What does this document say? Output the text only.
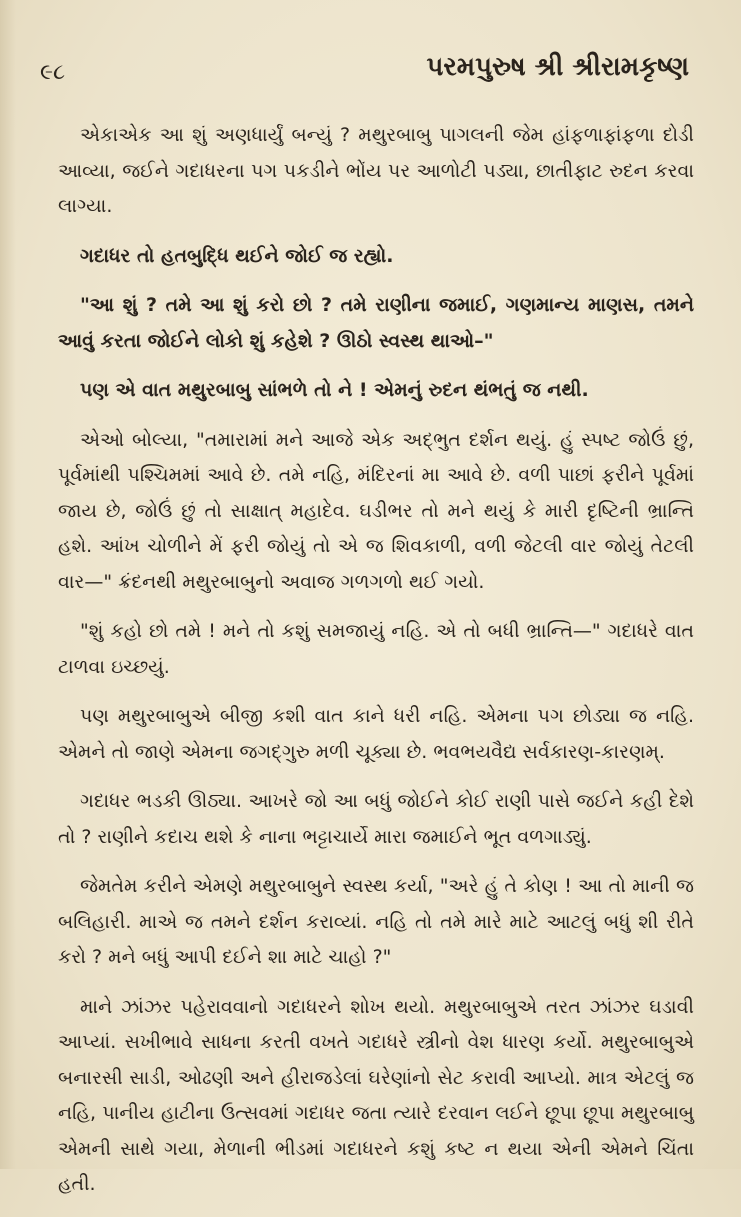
૯૮	પરમપુરુષ શ્રી શ્રીરામકૃષ્ણ

એકાએક આ શું અણધાર્યું બન્યું ? મથુરબાબુ પાગલની જેમ હાંફળાફાંફળા દોડી આવ્યા, જઈને ગદાધરના પગ પકડીને ભોંય પર આળોટી પડ્યા, છાતીફાટ રુદન કરવા લાગ્યા.

ગદાધર તો હતબુદ્ધિ થઈને જોઈ જ રહ્યો.

"આ શું ? તમે આ શું કરો છો ? તમે રાણીના જમાઈ, ગણમાન્ય માણસ, તમને આવું કરતા જોઈને લોકો શું કહેશે ? ઊઠો સ્વસ્થ થાઓ–"

પણ એ વાત મથુરબાબુ સાંભળે તો ને ! એમનું રુદન થંભતું જ નથી.

એઓ બોલ્યા, "તમારામાં મને આજે એક અદ્ભુત દર્શન થયું. હું સ્પષ્ટ જોઉં છું, પૂર્વમાંથી પશ્ચિમમાં આવે છે. તમે નહિ, મંદિરનાં મા આવે છે. વળી પાછાં ફરીને પૂર્વમાં જાય છે, જોઉં છું તો સાક્ષાત્ મહાદેવ. ઘડીભર તો મને થયું કે મારી દૃષ્ટિની ભ્રાન્તિ હશે. આંખ ચોળીને મેં ફરી જોયું તો એ જ શિવકાળી, વળી જેટલી વાર જોયું તેટલી વાર—" ક્રંદનથી મથુરબાબુનો અવાજ ગળગળો થઈ ગયો.

"શું કહો છો તમે ! મને તો કશું સમજાયું નહિ. એ તો બધી ભ્રાન્તિ—" ગદાધરે વાત ટાળવા ઇચ્છયું.

પણ મથુરબાબુએ બીજી કશી વાત કાને ધરી નહિ. એમના પગ છોડ્યા જ નહિ. એમને તો જાણે એમના જગદ્ગુરુ મળી ચૂક્યા છે. ભવભયવૈદ્ય સર્વકારણ-કારણમ્.

ગદાધર ભડકી ઊઠ્યા. આખરે જો આ બધું જોઈને કોઈ રાણી પાસે જઈને કહી દેશે તો ? રાણીને કદાચ થશે કે નાના ભટ્ટાચાર્યે મારા જમાઈને ભૂત વળગાડ્યું.

જેમતેમ કરીને એમણે મથુરબાબુને સ્વસ્થ કર્યા, "અરે હું તે કોણ ! આ તો માની જ બલિહારી. માએ જ તમને દર્શન કરાવ્યાં. નહિ તો તમે મારે માટે આટલું બધું શી રીતે કરો ? મને બધું આપી દઈને શા માટે ચાહો ?"

માને ઝાંઝર પહેરાવવાનો ગદાધરને શોખ થયો. મથુરબાબુએ તરત ઝાંઝર ઘડાવી આપ્યાં. સખીભાવે સાધના કરતી વખતે ગદાધરે સ્ત્રીનો વેશ ધારણ કર્યો. મથુરબાબુએ બનારસી સાડી, ઓઢણી અને હીરાજડેલાં ઘરેણાંનો સેટ કરાવી આપ્યો. માત્ર એટલું જ નહિ, પાનીય હાટીના ઉત્સવમાં ગદાધર જતા ત્યારે દરવાન લઈને છૂપા છૂપા મથુરબાબુ એમની સાથે ગયા, મેળાની ભીડમાં ગદાધરને કશું કષ્ટ ન થયા એની એમને ચિંતા હતી.
